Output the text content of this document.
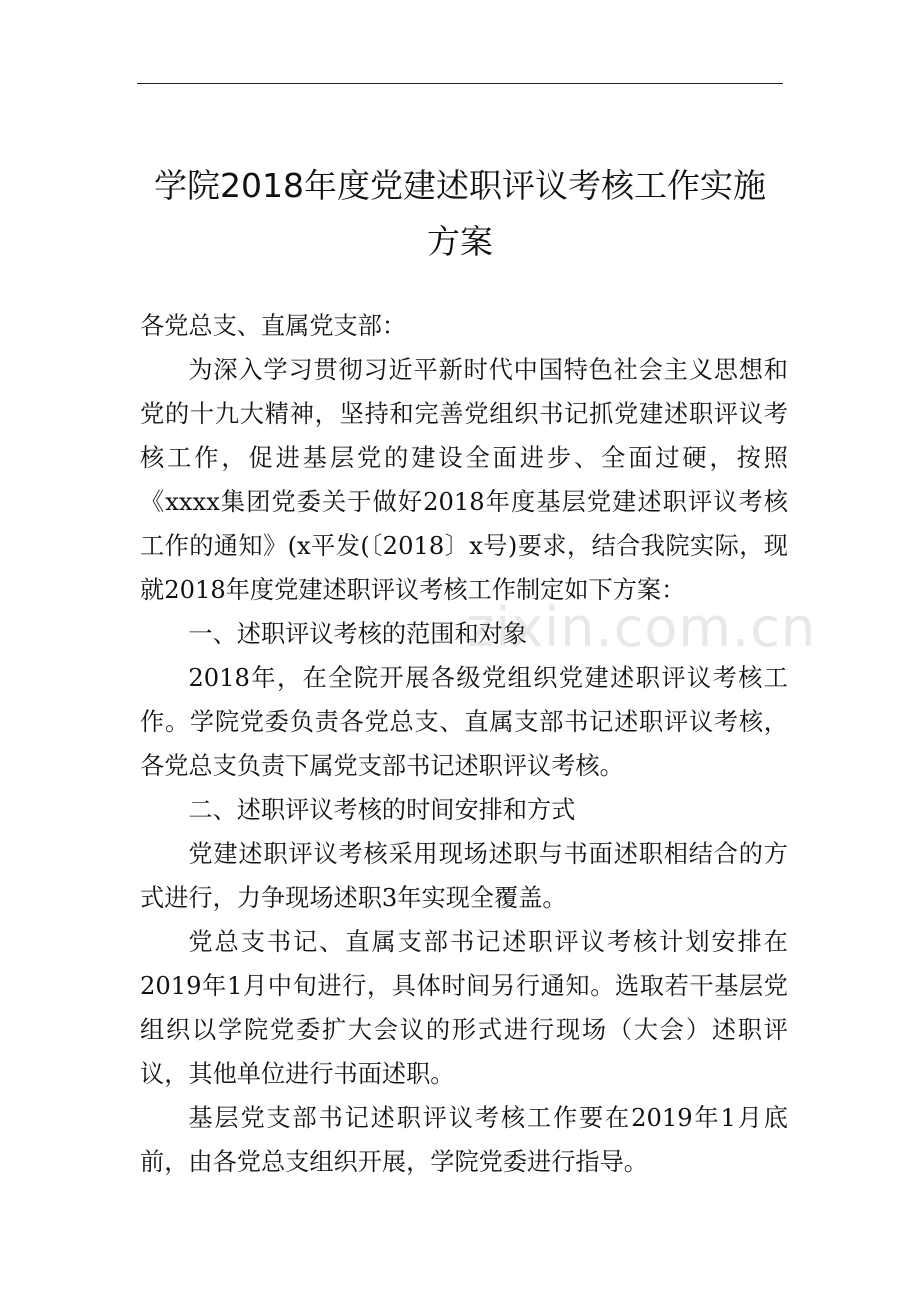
学院2018年度党建述职评议考核工作实施
方案

各党总支、直属党支部：

为深入学习贯彻习近平新时代中国特色社会主义思想和党的十九大精神，坚持和完善党组织书记抓党建述职评议考核工作，促进基层党的建设全面进步、全面过硬，按照《xxxx集团党委关于做好2018年度基层党建述职评议考核工作的通知》(x平发(〔2018〕x号)要求，结合我院实际，现就2018年度党建述职评议考核工作制定如下方案：

一、述职评议考核的范围和对象

2018年，在全院开展各级党组织党建述职评议考核工作。学院党委负责各党总支、直属支部书记述职评议考核，各党总支负责下属党支部书记述职评议考核。

二、述职评议考核的时间安排和方式

党建述职评议考核采用现场述职与书面述职相结合的方式进行，力争现场述职3年实现全覆盖。

党总支书记、直属支部书记述职评议考核计划安排在2019年1月中旬进行，具体时间另行通知。选取若干基层党组织以学院党委扩大会议的形式进行现场（大会）述职评议，其他单位进行书面述职。

基层党支部书记述职评议考核工作要在2019年1月底前，由各党总支组织开展，学院党委进行指导。

zixin.com.cn
